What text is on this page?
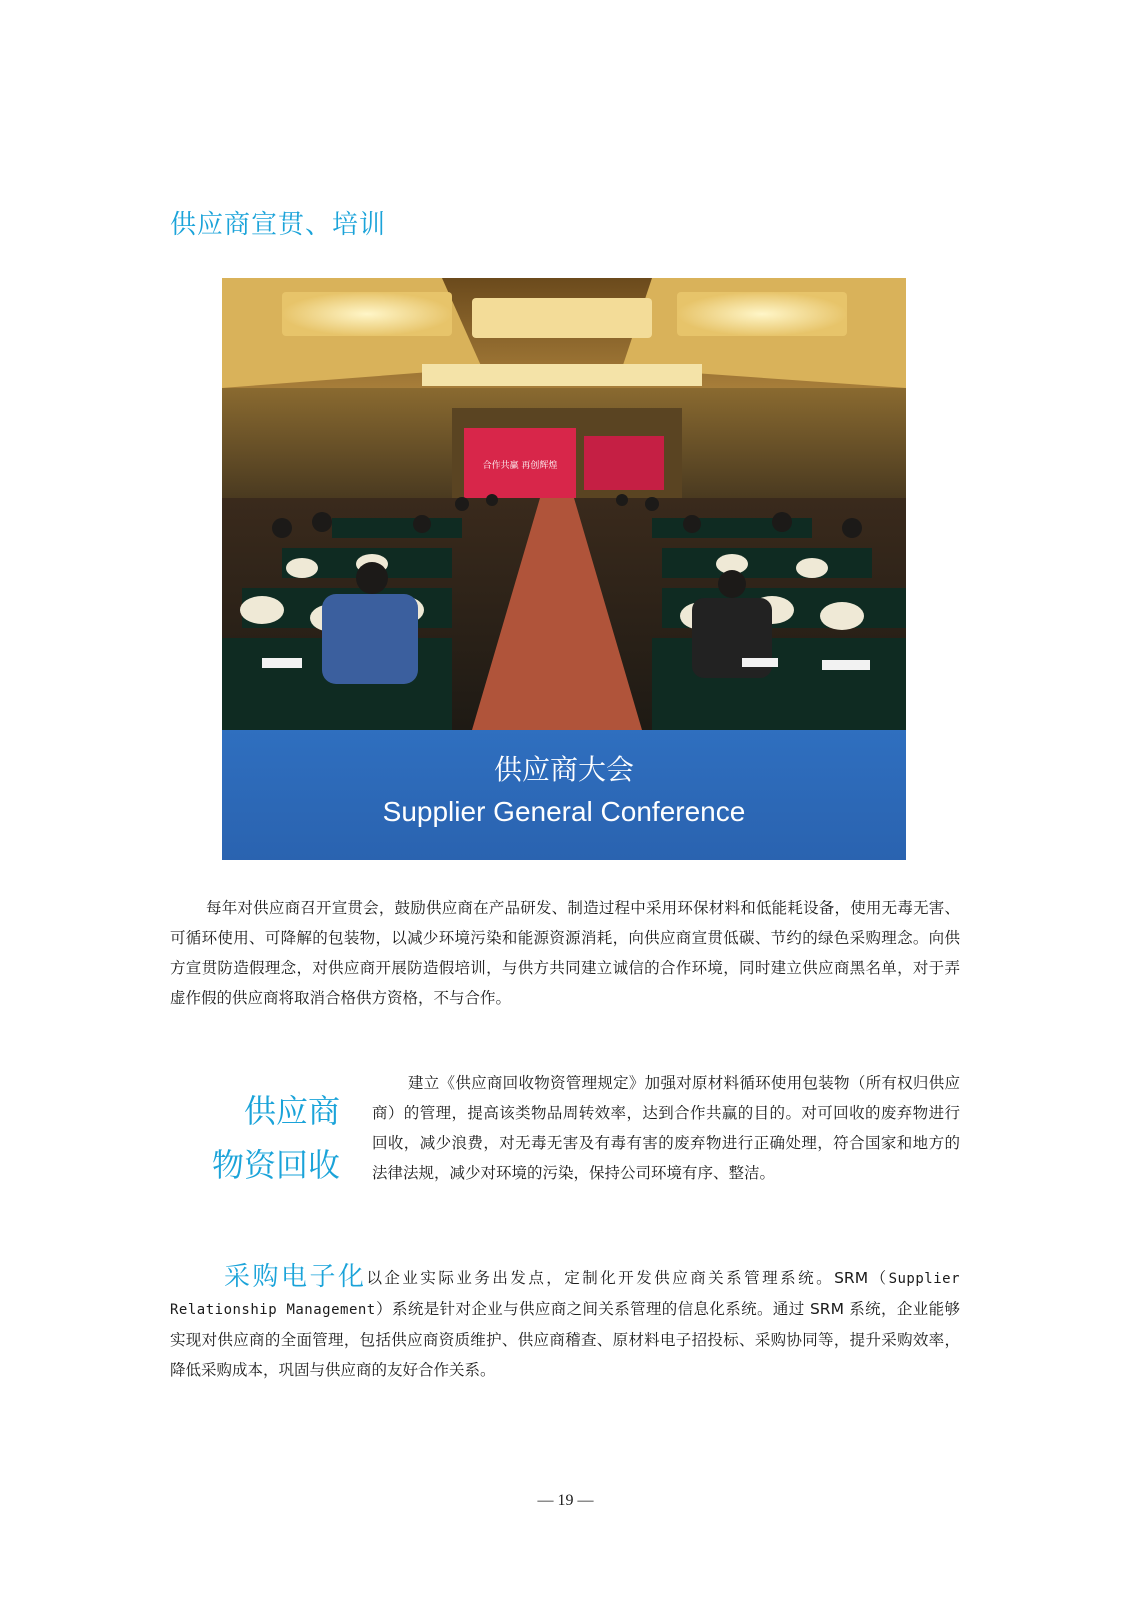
供应商宣贯、培训
合作共赢 再创辉煌
供应商大会
Supplier General Conference
每年对供应商召开宣贯会，鼓励供应商在产品研发、制造过程中采用环保材料和低能耗设备，使用无毒无害、可循环使用、可降解的包装物，以减少环境污染和能源资源消耗，向供应商宣贯低碳、节约的绿色采购理念。向供方宣贯防造假理念，对供应商开展防造假培训，与供方共同建立诚信的合作环境，同时建立供应商黑名单，对于弄虚作假的供应商将取消合格供方资格，不与合作。
供应商
物资回收
建立《供应商回收物资管理规定》加强对原材料循环使用包装物（所有权归供应商）的管理，提高该类物品周转效率，达到合作共赢的目的。对可回收的废弃物进行回收，减少浪费，对无毒无害及有毒有害的废弃物进行正确处理，符合国家和地方的法律法规，减少对环境的污染，保持公司环境有序、整洁。
采购电子化以企业实际业务出发点，定制化开发供应商关系管理系统。SRM（Supplier Relationship Management）系统是针对企业与供应商之间关系管理的信息化系统。通过 SRM 系统，企业能够实现对供应商的全面管理，包括供应商资质维护、供应商稽查、原材料电子招投标、采购协同等，提升采购效率，降低采购成本，巩固与供应商的友好合作关系。
— 19 —
